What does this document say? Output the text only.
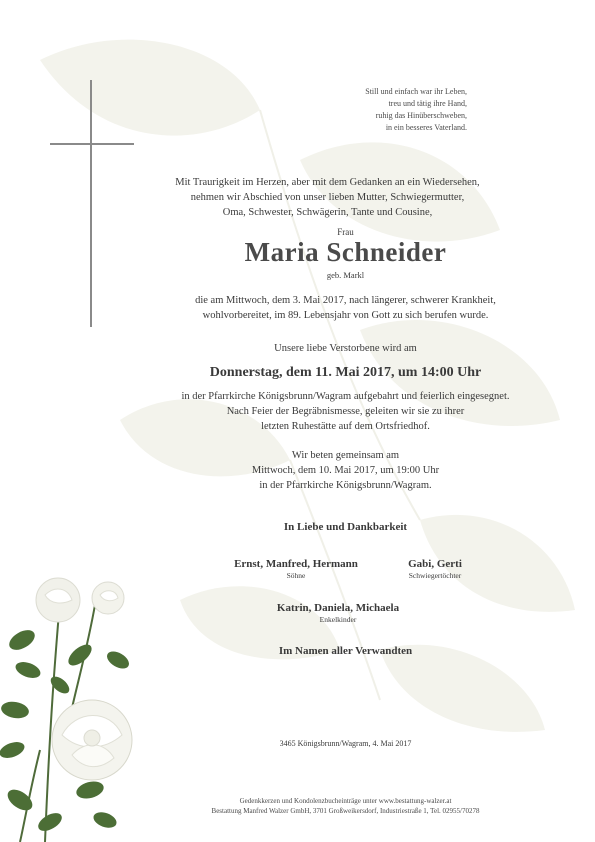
Still und einfach war ihr Leben,
treu und tätig ihre Hand,
ruhig das Hinüberschweben,
in ein besseres Vaterland.
Mit Traurigkeit im Herzen, aber mit dem Gedanken an ein Wiedersehen,
nehmen wir Abschied von unser lieben Mutter, Schwiegermutter,
Oma, Schwester, Schwägerin, Tante und Cousine,
Frau
Maria Schneider
geb. Markl
die am Mittwoch, dem 3. Mai 2017, nach längerer, schwerer Krankheit,
wohlvorbereitet, im 89. Lebensjahr von Gott zu sich berufen wurde.
Unsere liebe Verstorbene wird am
Donnerstag, dem 11. Mai 2017, um 14:00 Uhr
in der Pfarrkirche Königsbrunn/Wagram aufgebahrt und feierlich eingesegnet.
Nach Feier der Begräbnismesse, geleiten wir sie zu ihrer
letzten Ruhestätte auf dem Ortsfriedhof.
Wir beten gemeinsam am
Mittwoch, dem 10. Mai 2017, um 19:00 Uhr
in der Pfarrkirche Königsbrunn/Wagram.
In Liebe und Dankbarkeit
Ernst, Manfred, Hermann
Söhne
Gabi, Gerti
Schwiegertöchter
Katrin, Daniela, Michaela
Enkelkinder
Im Namen aller Verwandten
3465 Königsbrunn/Wagram, 4. Mai 2017
Gedenkkerzen und Kondolenzbucheinträge unter www.bestattung-walzer.at
Bestattung Manfred Walzer GmbH, 3701 Großweikersdorf, Industriestraße 1, Tel. 02955/70278
